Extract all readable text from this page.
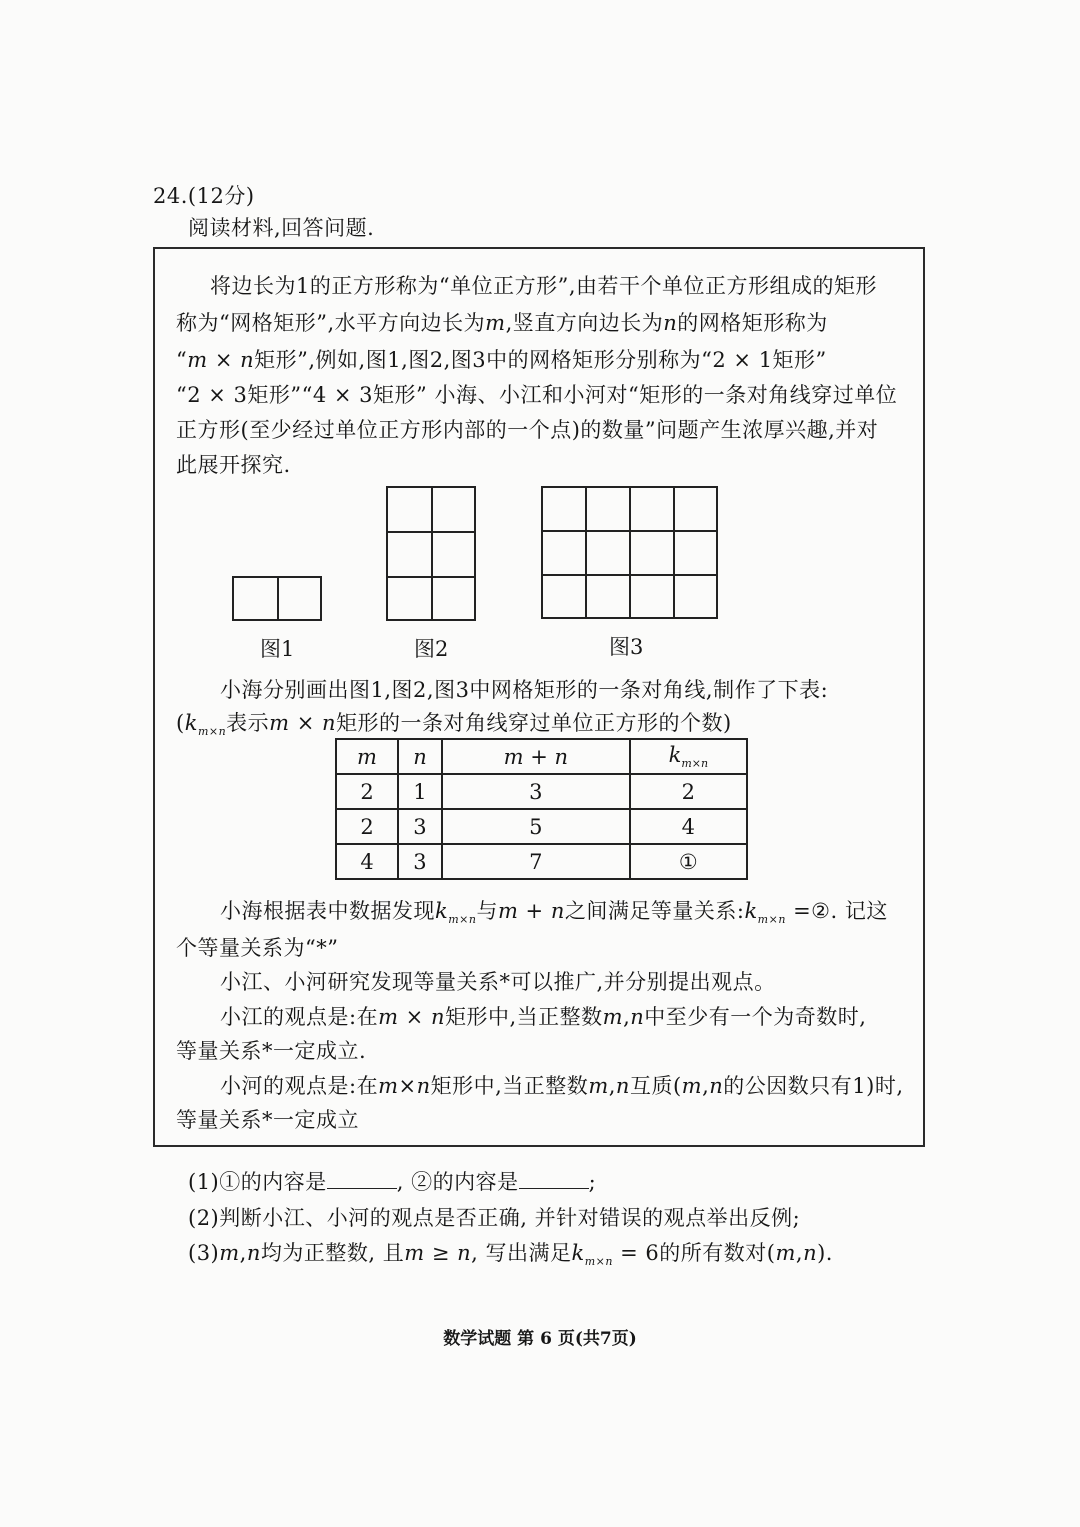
24.(12分)
阅读材料,回答问题.
将边长为1的正方形称为“单位正方形”,由若干个单位正方形组成的矩形
称为“网格矩形”,水平方向边长为m,竖直方向边长为n的网格矩形称为
“m × n矩形”,例如,图1,图2,图3中的网格矩形分别称为“2 × 1矩形”
“2 × 3矩形”“4 × 3矩形” 小海、小江和小河对“矩形的一条对角线穿过单位
正方形(至少经过单位正方形内部的一个点)的数量”问题产生浓厚兴趣,并对
此展开探究.
图1	图2	图3
小海分别画出图1,图2,图3中网格矩形的一条对角线,制作了下表:
($k_{m\times n}$表示m × n矩形的一条对角线穿过单位正方形的个数)
m	n	m + n	$k_{m\times n}$
2	1	3	2
2	3	5	4
4	3	7	①
小海根据表中数据发现$k_{m\times n}$与m + n之间满足等量关系$:k_{m\times n}$ =②. 记这
个等量关系为“*”
小江、小河研究发现等量关系*可以推广,并分别提出观点。
小江的观点是:在m × n矩形中,当正整数m,n中至少有一个为奇数时,
等量关系*一定成立.
小河的观点是:在m×n矩形中,当正整数m,n互质(m,n的公因数只有1)时,
等量关系*一定成立
(1)①的内容是	, ②的内容是	;
(2)判断小江、小河的观点是否正确, 并针对错误的观点举出反例;
(3)m,n均为正整数, 且m ≥ n, 写出满足$k_{m\times n} = 6$的所有数对(m,n).
数学试题 第 6 页(共7页)
